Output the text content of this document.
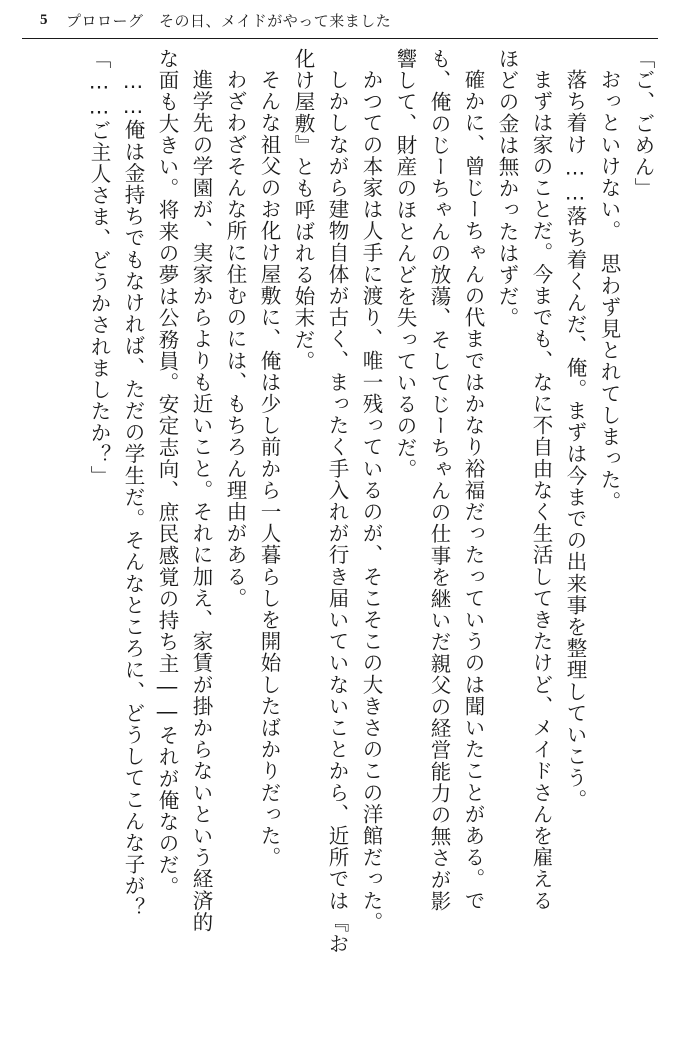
5 プロローグ　その日、メイドがやって来ました

「ご、ごめん」

おっといけない。　思わず見とれてしまった。

落ち着け……落ち着くんだ、俺。まずは今までの出来事を整理していこう。

まずは家のことだ。今までも、なに不自由なく生活してきたけど、メイドさんを雇える

ほどの金は無かったはずだ。

確かに、曾じーちゃんの代まではかなり裕福だったっていうのは聞いたことがある。で

も、俺のじーちゃんの放蕩、そしてじーちゃんの仕事を継いだ親父の経営能力の無さが影

響して、財産のほとんどを失っているのだ。

かつての本家は人手に渡り、唯一残っているのが、そこそこの大きさのこの洋館だった。

しかしながら建物自体が古く、まったく手入れが行き届いていないことから、近所では『お

化け屋敷』とも呼ばれる始末だ。

そんな祖父のお化け屋敷に、俺は少し前から一人暮らしを開始したばかりだった。

わざわざそんな所に住むのには、もちろん理由がある。

進学先の学園が、実家からよりも近いこと。それに加え、家賃が掛からないという経済的

な面も大きい。将来の夢は公務員。安定志向、庶民感覚の持ち主――それが俺なのだ。

……俺は金持ちでもなければ、ただの学生だ。そんなところに、どうしてこんな子が？

「……ご主人さま、どうかされましたか？」
